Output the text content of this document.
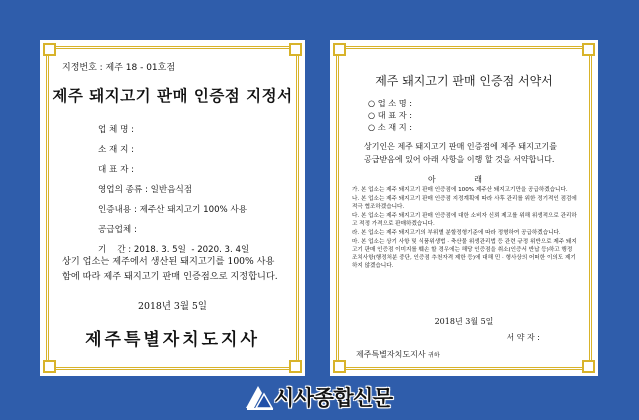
지정번호 : 제주 18 - 01호점
제주 돼지고기 판매 인증점 지정서
업 체 명 :
소 재 지 :
대 표 자 :
영업의 종류 : 일반음식점
인증내용 : 제주산 돼지고기 100% 사용
공급업체 :
기    간 : 2018. 3. 5일  - 2020. 3. 4일
상기 업소는 제주에서 생산된 돼지고기를 100% 사용
함에 따라 제주 돼지고기 판매 인증점으로 지정합니다.
2018년 3월 5일
제주특별자치도지사
제주 돼지고기 판매 인증점 서약서
○ 업 소 명 :
○ 대 표 자 :
○ 소 재 지 :
상기인은 제주 돼지고기 판매 인증점에 제주 돼지고기를
공급받음에 있어 아래 사항을 이행 할 것을 서약합니다.
아 래

가. 본 업소는 제주 돼지고기 판매 인증점에 100% 제주산 돼지고기만을 공급하겠습니다.

나. 본 업소는 제주 돼지고기 판매 인증점 지정계획에 따라 사후 관리를 위한 정기적인 점검에 적극 협조하겠습니다.

다. 본 업소는 제주 돼지고기 판매 인증점에 대한 소비자 신뢰 제고를 위해 위생적으로 관리하고 적정 가격으로 판매하겠습니다.

라. 본 업소는 제주 돼지고기의 부위별 분할정형기준에 따라 정형하여 공급하겠습니다.

마. 본 업소는 상기 사항 및 식품위생법 · 축산물 위생관리법 등 관련 규정 위반으로 제주 돼지고기 판매 인증점 이미지를 훼손 할 경우에는 해당 인증점을 취소(인증서 반납 등)하고 행정 조치사항(행정처분 중단, 인증점 추천자격 제한 등)에 대해 민 · 형사상의 어떠한 이의도 제기하지 않겠습니다.

2018년 3월 5일
서 약 자 :
제주특별자치도지사 귀하
시사종합신문
